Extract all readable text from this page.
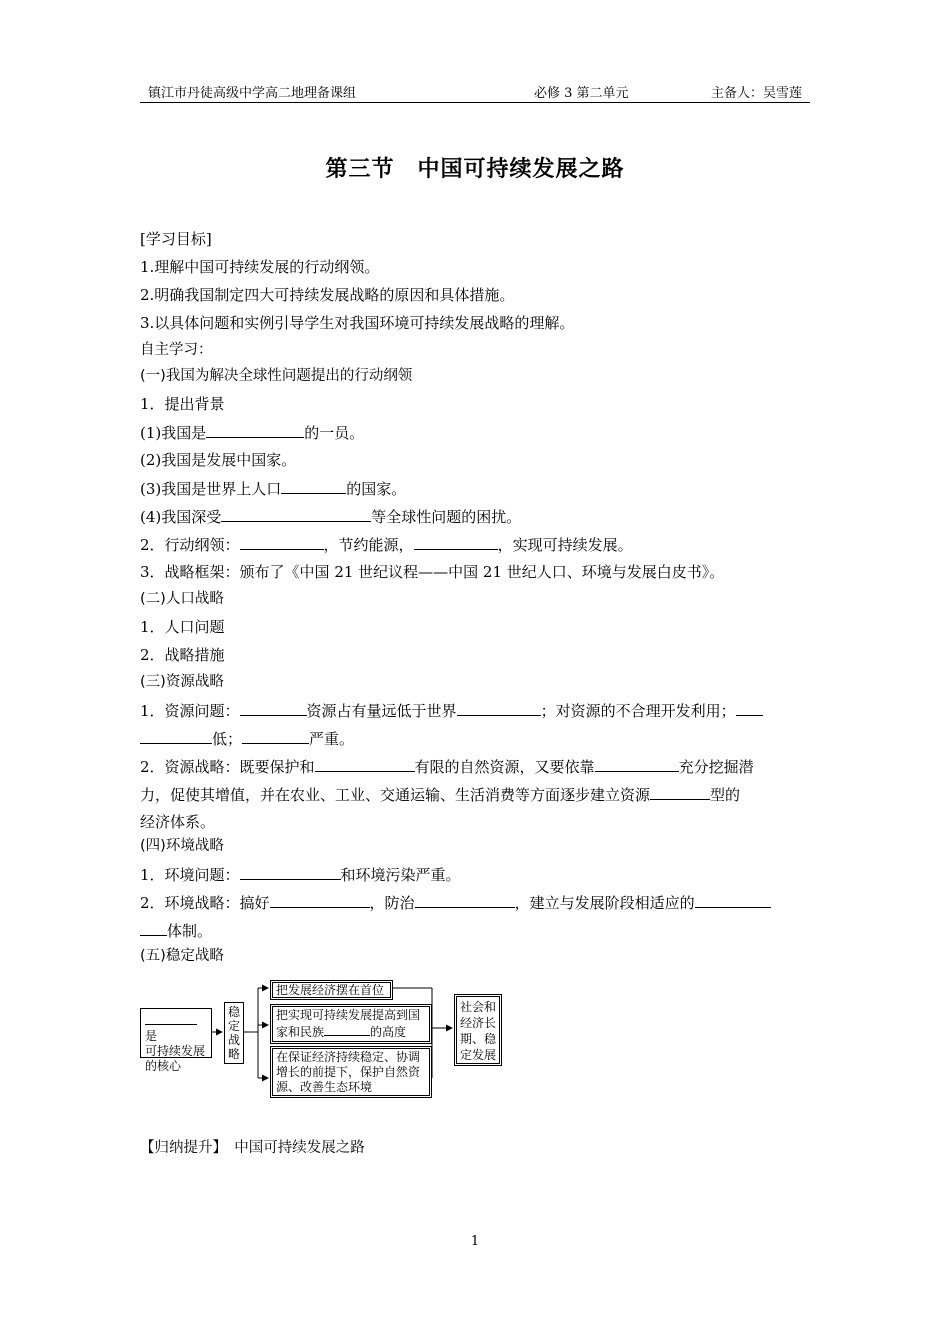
镇江市丹徒高级中学高二地理备课组	必修 3 第二单元	主备人：吴雪莲
第三节　中国可持续发展之路
[学习目标]
1.理解中国可持续发展的行动纲领。
2.明确我国制定四大可持续发展战略的原因和具体措施。
3.以具体问题和实例引导学生对我国环境可持续发展战略的理解。
自主学习：
(一)我国为解决全球性问题提出的行动纲领
1．提出背景
(1)我国是	的一员。
(2)我国是发展中国家。
(3)我国是世界上人口	的国家。
(4)我国深受	等全球性问题的困扰。
2．行动纲领：	，节约能源，	，实现可持续发展。
3．战略框架：颁布了《中国 21 世纪议程——中国 21 世纪人口、环境与发展白皮书》。
(二)人口战略
1．人口问题
2．战略措施
(三)资源战略
1．资源问题：	资源占有量远低于世界	；对资源的不合理开发利用；
低；	严重。
2．资源战略：既要保护和	有限的自然资源，又要依靠	充分挖掘潜
力，促使其增值，并在农业、工业、交通运输、生活消费等方面逐步建立资源	型的
经济体系。
(四)环境战略
1．环境问题：	和环境污染严重。
2．环境战略：搞好	，防治	，建立与发展阶段相适应的
体制。
(五)稳定战略
是
可持续发展
的核心
稳定战略
把发展经济摆在首位
把实现可持续发展提高到国
家和民族	的高度
在保证经济持续稳定、协调
增长的前提下，保护自然资
源、改善生态环境
社会和经济长期、稳定发展
【归纳提升】　中国可持续发展之路
1
